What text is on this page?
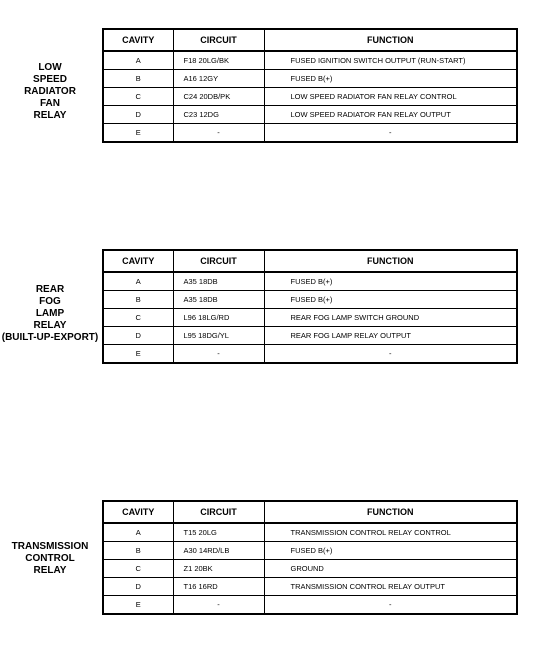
LOW
SPEED
RADIATOR
FAN
RELAY
CAVITY	CIRCUIT	FUNCTION
A	F18 20LG/BK	FUSED IGNITION SWITCH OUTPUT (RUN-START)
B	A16 12GY	FUSED B(+)
C	C24 20DB/PK	LOW SPEED RADIATOR FAN RELAY CONTROL
D	C23 12DG	LOW SPEED RADIATOR FAN RELAY OUTPUT
E	-	-
REAR
FOG
LAMP
RELAY
(BUILT-UP-EXPORT)
CAVITY	CIRCUIT	FUNCTION
A	A35 18DB	FUSED B(+)
B	A35 18DB	FUSED B(+)
C	L96 18LG/RD	REAR FOG LAMP SWITCH GROUND
D	L95 18DG/YL	REAR FOG LAMP RELAY OUTPUT
E	-	-
TRANSMISSION
CONTROL
RELAY
CAVITY	CIRCUIT	FUNCTION
A	T15 20LG	TRANSMISSION CONTROL RELAY CONTROL
B	A30 14RD/LB	FUSED B(+)
C	Z1 20BK	GROUND
D	T16 16RD	TRANSMISSION CONTROL RELAY OUTPUT
E	-	-
